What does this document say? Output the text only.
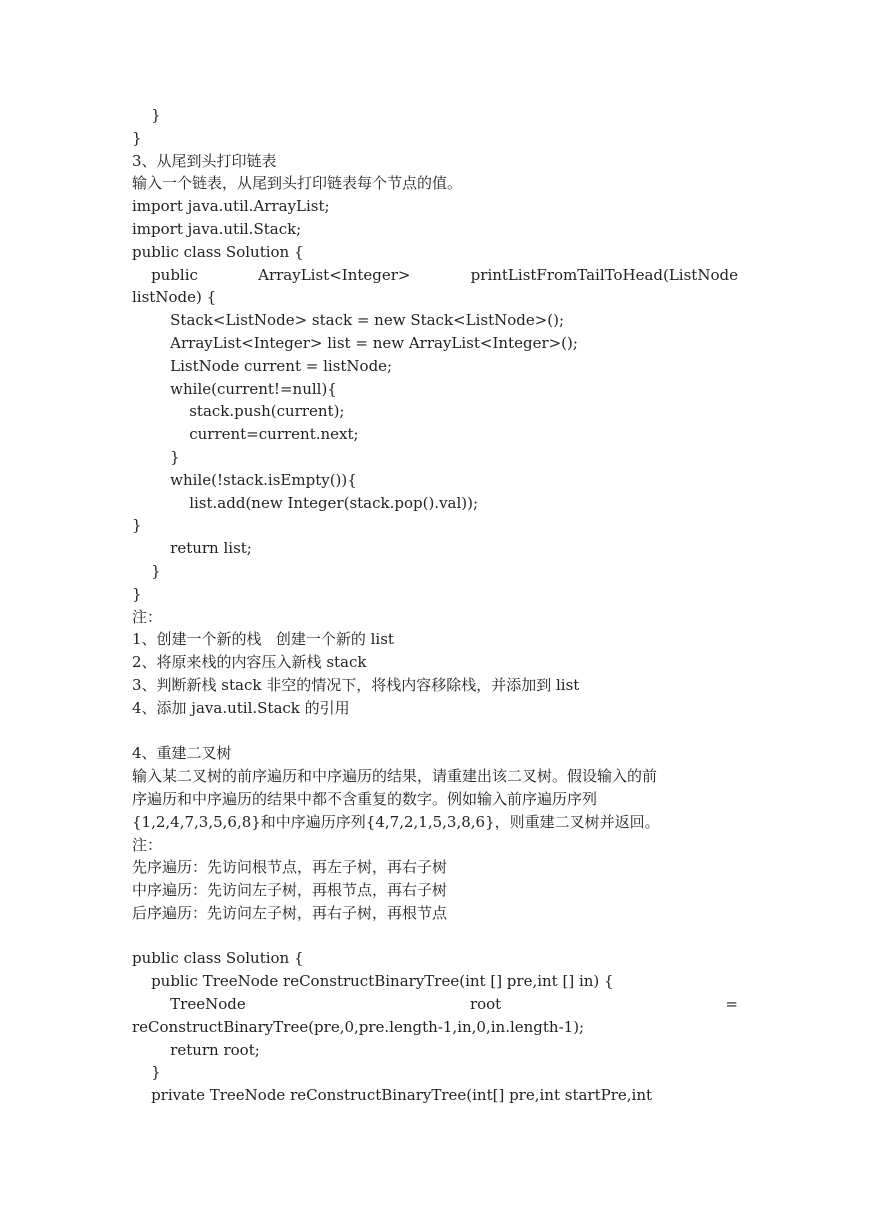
}
}
3、从尾到头打印链表
输入一个链表，从尾到头打印链表每个节点的值。
import java.util.ArrayList;
import java.util.Stack;
public class Solution {
public	ArrayList<Integer>	printListFromTailToHead(ListNode
listNode) {
Stack<ListNode> stack = new Stack<ListNode>();
ArrayList<Integer> list = new ArrayList<Integer>();
ListNode current = listNode;
while(current!=null){
stack.push(current);
current=current.next;
}
while(!stack.isEmpty()){
list.add(new Integer(stack.pop().val));
}
return list;
}
}
注：
1、创建一个新的栈   创建一个新的 list
2、将原来栈的内容压入新栈 stack
3、判断新栈 stack 非空的情况下，将栈内容移除栈，并添加到 list
4、添加 java.util.Stack 的引用
4、重建二叉树
输入某二叉树的前序遍历和中序遍历的结果，请重建出该二叉树。假设输入的前
序遍历和中序遍历的结果中都不含重复的数字。例如输入前序遍历序列
{1,2,4,7,3,5,6,8}和中序遍历序列{4,7,2,1,5,3,8,6}，则重建二叉树并返回。
注：
先序遍历：先访问根节点，再左子树，再右子树
中序遍历：先访问左子树，再根节点，再右子树
后序遍历：先访问左子树，再右子树，再根节点
public class Solution {
public TreeNode reConstructBinaryTree(int [] pre,int [] in) {
TreeNode	root	=
reConstructBinaryTree(pre,0,pre.length-1,in,0,in.length-1);
return root;
}
private TreeNode reConstructBinaryTree(int[] pre,int startPre,int
